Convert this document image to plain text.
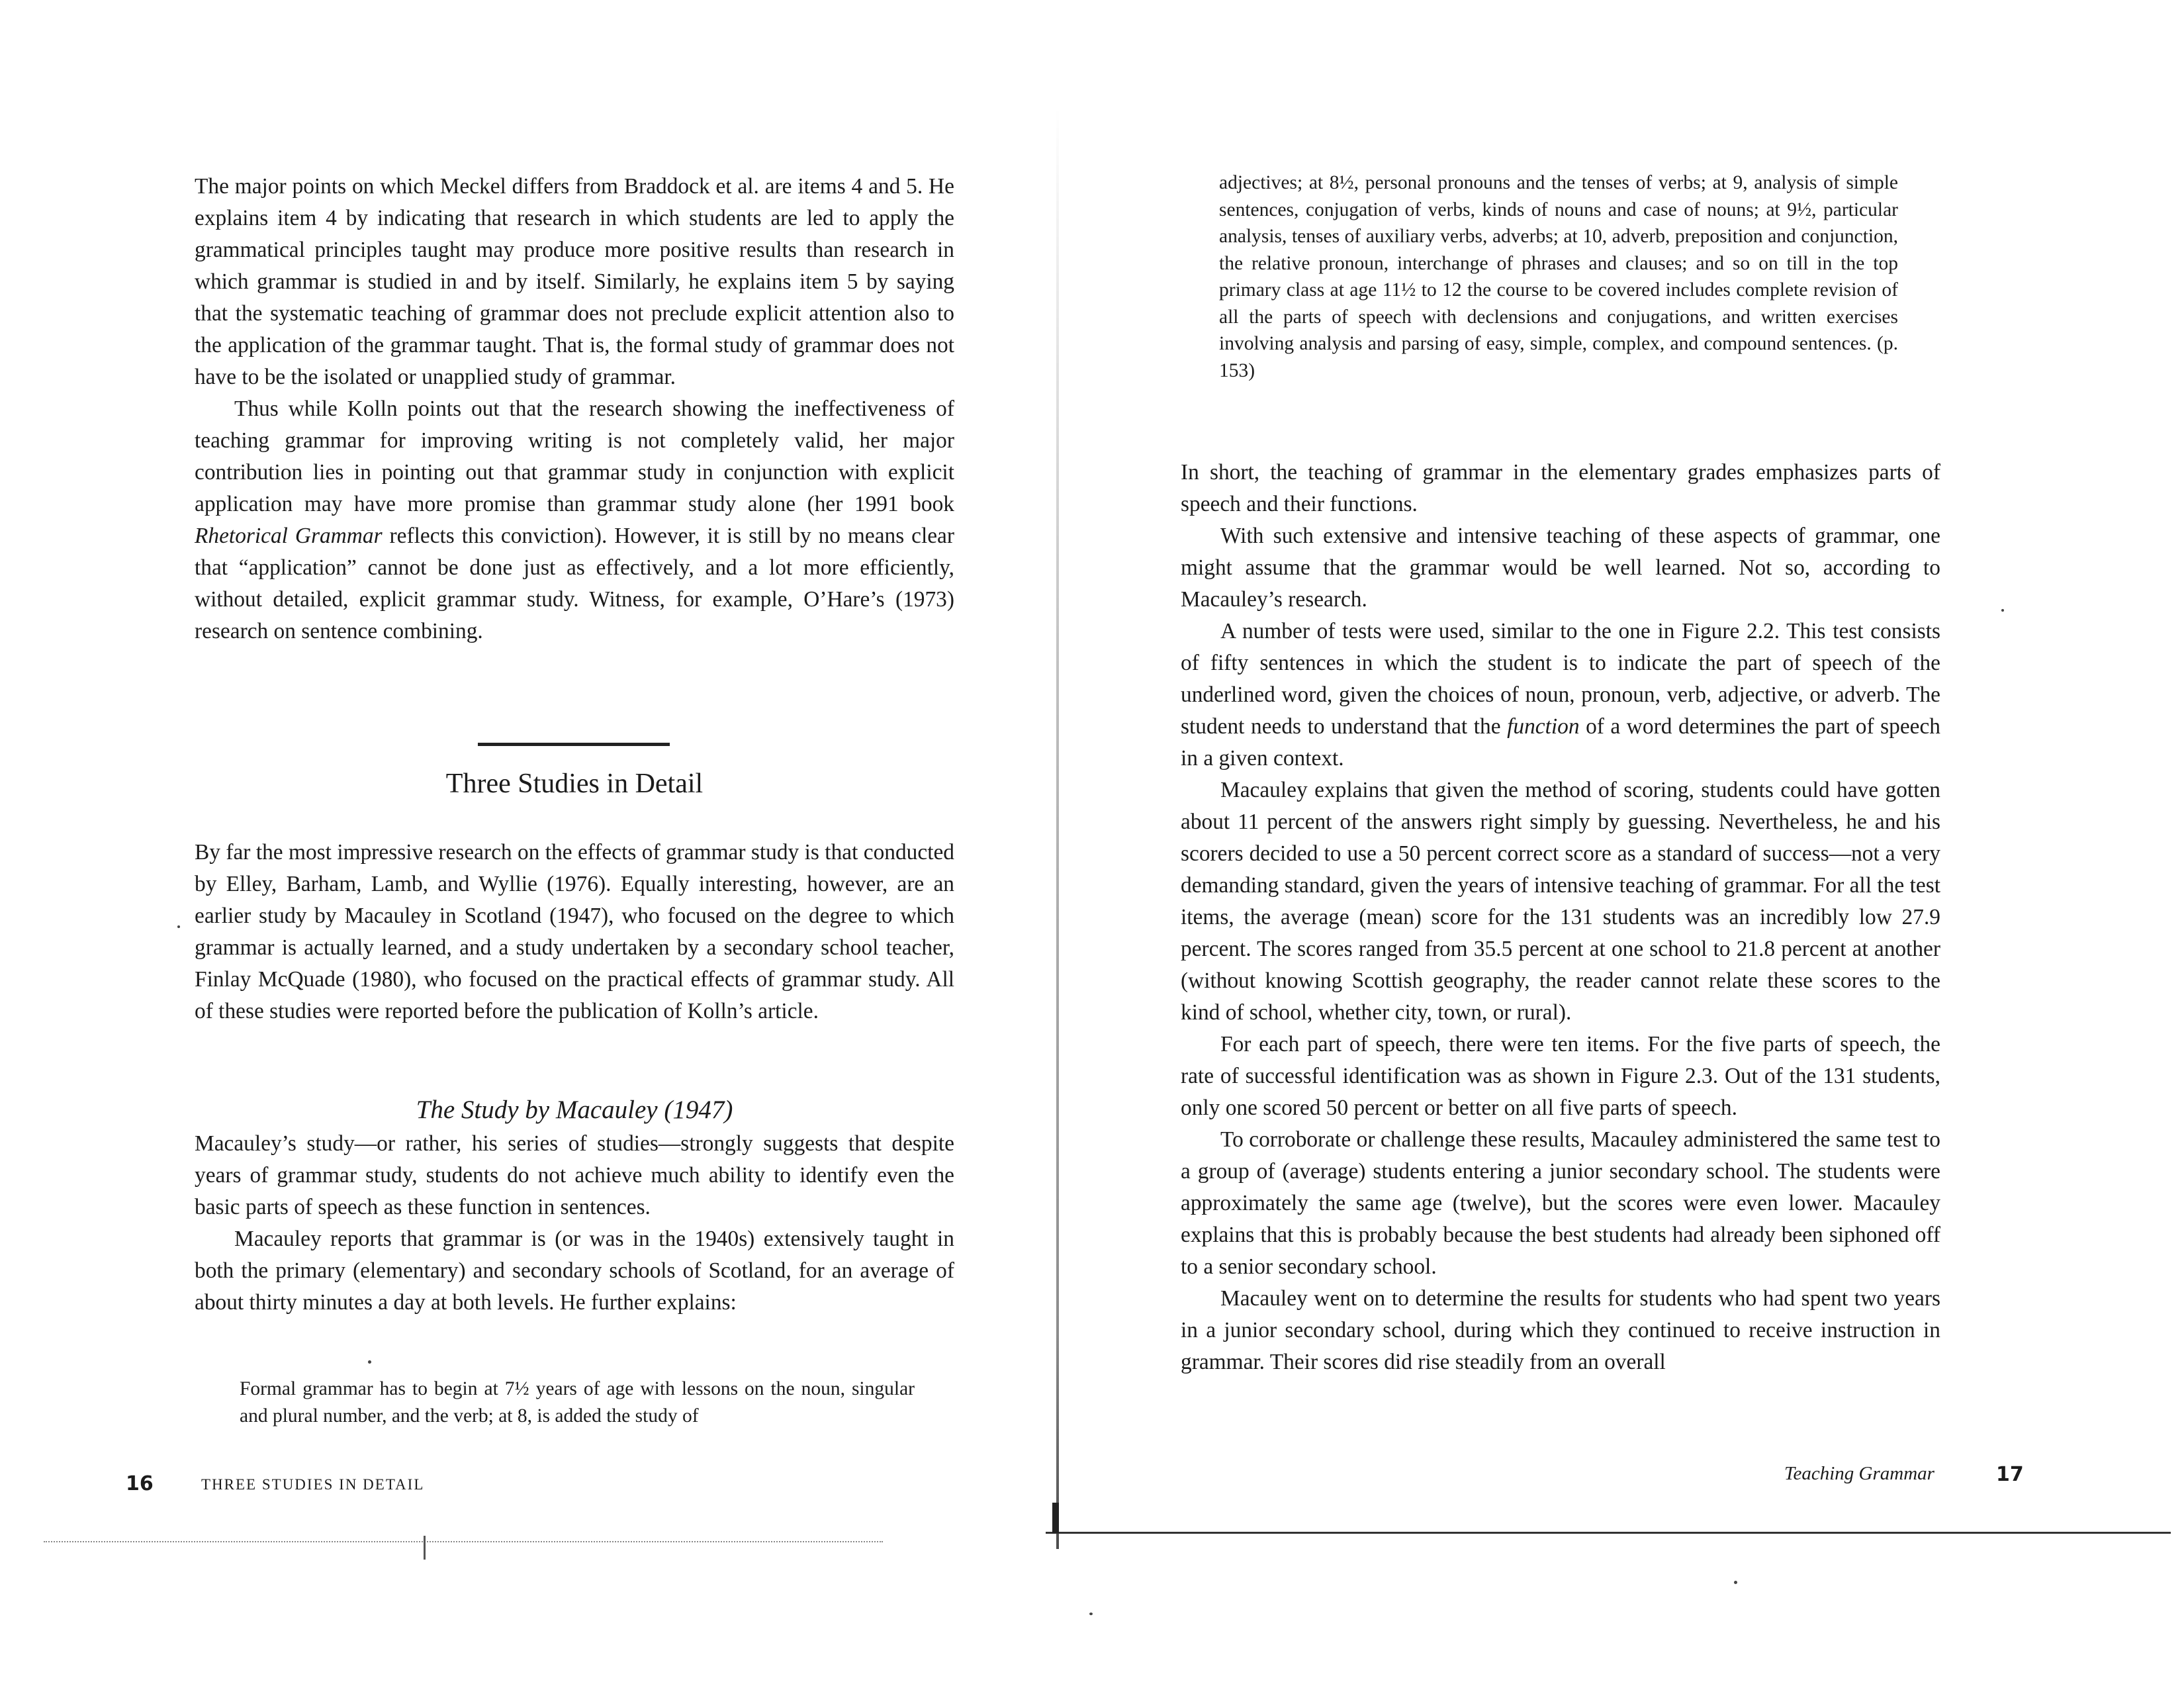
The major points on which Meckel differs from Braddock et al. are items 4 and 5. He explains item 4 by indicating that research in which students are led to apply the grammatical principles taught may produce more positive results than research in which grammar is studied in and by itself. Similarly, he explains item 5 by saying that the systematic teaching of grammar does not preclude explicit attention also to the application of the grammar taught. That is, the formal study of grammar does not have to be the isolated or unapplied study of grammar.

Thus while Kolln points out that the research showing the ineffectiveness of teaching grammar for improving writing is not completely valid, her major contribution lies in pointing out that grammar study in conjunction with explicit application may have more promise than grammar study alone (her 1991 book Rhetorical Grammar reflects this conviction). However, it is still by no means clear that “application” cannot be done just as effectively, and a lot more efficiently, without detailed, explicit grammar study. Witness, for example, O’Hare’s (1973) research on sentence combining.

Three Studies in Detail

By far the most impressive research on the effects of grammar study is that conducted by Elley, Barham, Lamb, and Wyllie (1976). Equally interesting, however, are an earlier study by Macauley in Scotland (1947), who focused on the degree to which grammar is actually learned, and a study undertaken by a secondary school teacher, Finlay McQuade (1980), who focused on the practical effects of grammar study. All of these studies were reported before the publication of Kolln’s article.

The Study by Macauley (1947)

Macauley’s study—or rather, his series of studies—strongly suggests that despite years of grammar study, students do not achieve much ability to identify even the basic parts of speech as these function in sentences.

Macauley reports that grammar is (or was in the 1940s) extensively taught in both the primary (elementary) and secondary schools of Scotland, for an average of about thirty minutes a day at both levels. He further explains:

Formal grammar has to begin at 7½ years of age with lessons on the noun, singular and plural number, and the verb; at 8, is added the study of

16	THREE STUDIES IN DETAIL

adjectives; at 8½, personal pronouns and the tenses of verbs; at 9, analysis of simple sentences, conjugation of verbs, kinds of nouns and case of nouns; at 9½, particular analysis, tenses of auxiliary verbs, adverbs; at 10, adverb, preposition and conjunction, the relative pronoun, interchange of phrases and clauses; and so on till in the top primary class at age 11½ to 12 the course to be covered includes complete revision of all the parts of speech with declensions and conjugations, and written exercises involving analysis and parsing of easy, simple, complex, and compound sentences. (p. 153)

In short, the teaching of grammar in the elementary grades emphasizes parts of speech and their functions.

With such extensive and intensive teaching of these aspects of grammar, one might assume that the grammar would be well learned. Not so, according to Macauley’s research.

A number of tests were used, similar to the one in Figure 2.2. This test consists of fifty sentences in which the student is to indicate the part of speech of the underlined word, given the choices of noun, pronoun, verb, adjective, or adverb. The student needs to understand that the function of a word determines the part of speech in a given context.

Macauley explains that given the method of scoring, students could have gotten about 11 percent of the answers right simply by guessing. Nevertheless, he and his scorers decided to use a 50 percent correct score as a standard of success—not a very demanding standard, given the years of intensive teaching of grammar. For all the test items, the average (mean) score for the 131 students was an incredibly low 27.9 percent. The scores ranged from 35.5 percent at one school to 21.8 percent at another (without knowing Scottish geography, the reader cannot relate these scores to the kind of school, whether city, town, or rural).

For each part of speech, there were ten items. For the five parts of speech, the rate of successful identification was as shown in Figure 2.3. Out of the 131 students, only one scored 50 percent or better on all five parts of speech.

To corroborate or challenge these results, Macauley administered the same test to a group of (average) students entering a junior secondary school. The students were approximately the same age (twelve), but the scores were even lower. Macauley explains that this is probably because the best students had already been siphoned off to a senior secondary school.

Macauley went on to determine the results for students who had spent two years in a junior secondary school, during which they continued to receive instruction in grammar. Their scores did rise steadily from an overall

Teaching Grammar	17
